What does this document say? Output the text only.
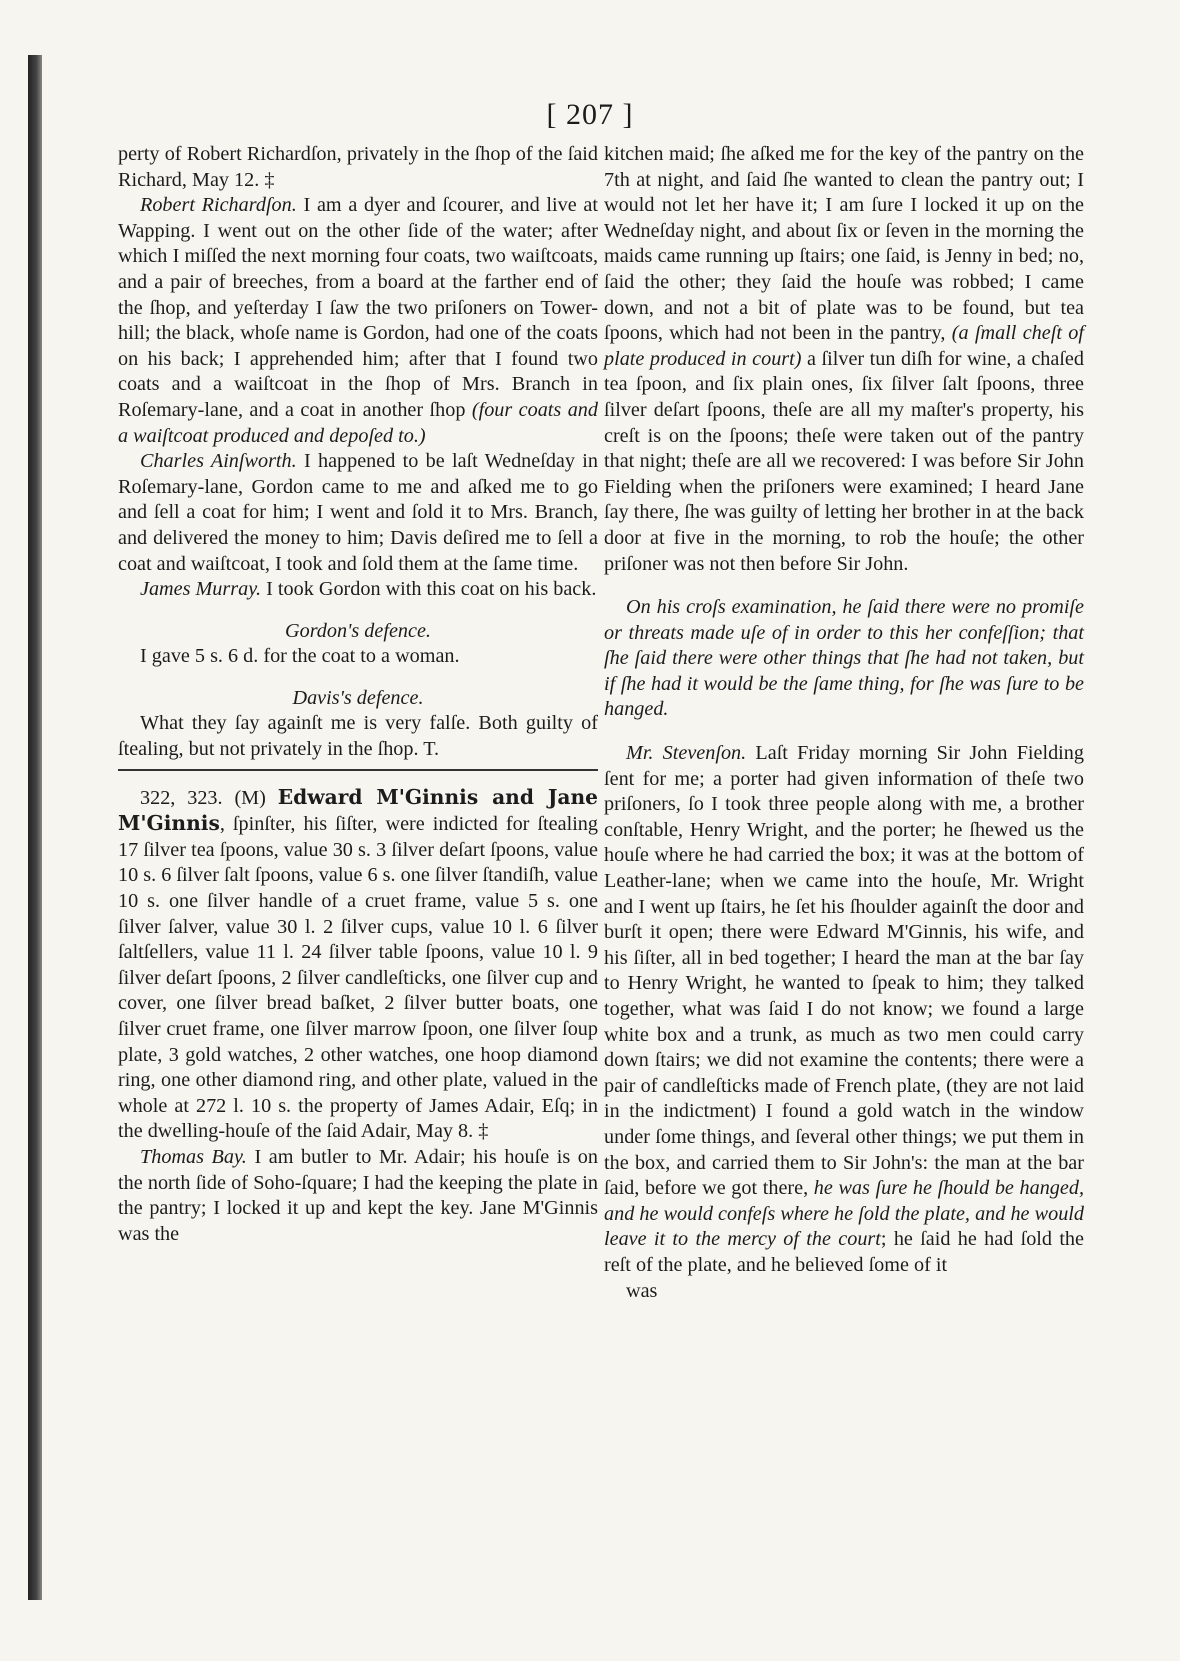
[ 207 ]

perty of Robert Richardſon, privately in the ſhop of the ſaid Richard, May 12. ‡

Robert Richardſon. I am a dyer and ſcourer, and live at Wapping. I went out on the other ſide of the water; after which I miſſed the next morning four coats, two waiſtcoats, and a pair of breeches, from a board at the farther end of the ſhop, and yeſterday I ſaw the two priſoners on Tower-hill; the black, whoſe name is Gordon, had one of the coats on his back; I apprehended him; after that I found two coats and a waiſtcoat in the ſhop of Mrs. Branch in Roſemary-lane, and a coat in another ſhop (four coats and a waiſtcoat produced and depoſed to.)

Charles Ainſworth. I happened to be laſt Wedneſday in Roſemary-lane, Gordon came to me and aſked me to go and ſell a coat for him; I went and ſold it to Mrs. Branch, and delivered the money to him; Davis deſired me to ſell a coat and waiſtcoat, I took and ſold them at the ſame time.

James Murray. I took Gordon with this coat on his back.

Gordon's defence.

I gave 5 s. 6 d. for the coat to a woman.

Davis's defence.

What they ſay againſt me is very falſe. Both guilty of ſtealing, but not privately in the ſhop. T.

322, 323. (M) Edward M'Ginnis and Jane M'Ginnis, ſpinſter, his ſiſter, were indicted for ſtealing 17 ſilver tea ſpoons, value 30 s. 3 ſilver deſart ſpoons, value 10 s. 6 ſilver ſalt ſpoons, value 6 s. one ſilver ſtandiſh, value 10 s. one ſilver handle of a cruet frame, value 5 s. one ſilver ſalver, value 30 l. 2 ſilver cups, value 10 l. 6 ſilver ſaltſellers, value 11 l. 24 ſilver table ſpoons, value 10 l. 9 ſilver deſart ſpoons, 2 ſilver candleſticks, one ſilver cup and cover, one ſilver bread baſket, 2 ſilver butter boats, one ſilver cruet frame, one ſilver marrow ſpoon, one ſilver ſoup plate, 3 gold watches, 2 other watches, one hoop diamond ring, one other diamond ring, and other plate, valued in the whole at 272 l. 10 s. the property of James Adair, Eſq; in the dwelling-houſe of the ſaid Adair, May 8. ‡

Thomas Bay. I am butler to Mr. Adair; his houſe is on the north ſide of Soho-ſquare; I had the keeping the plate in the pantry; I locked it up and kept the key. Jane M'Ginnis was the

kitchen maid; ſhe aſked me for the key of the pantry on the 7th at night, and ſaid ſhe wanted to clean the pantry out; I would not let her have it; I am ſure I locked it up on the Wedneſday night, and about ſix or ſeven in the morning the maids came running up ſtairs; one ſaid, is Jenny in bed; no, ſaid the other; they ſaid the houſe was robbed; I came down, and not a bit of plate was to be found, but tea ſpoons, which had not been in the pantry, (a ſmall cheſt of plate produced in court) a ſilver tun diſh for wine, a chaſed tea ſpoon, and ſix plain ones, ſix ſilver ſalt ſpoons, three ſilver deſart ſpoons, theſe are all my maſter's property, his creſt is on the ſpoons; theſe were taken out of the pantry that night; theſe are all we recovered: I was before Sir John Fielding when the priſoners were examined; I heard Jane ſay there, ſhe was guilty of letting her brother in at the back door at five in the morning, to rob the houſe; the other priſoner was not then before Sir John.

On his croſs examination, he ſaid there were no promiſe or threats made uſe of in order to this her confeſſion; that ſhe ſaid there were other things that ſhe had not taken, but if ſhe had it would be the ſame thing, for ſhe was ſure to be hanged.

Mr. Stevenſon. Laſt Friday morning Sir John Fielding ſent for me; a porter had given information of theſe two priſoners, ſo I took three people along with me, a brother conſtable, Henry Wright, and the porter; he ſhewed us the houſe where he had carried the box; it was at the bottom of Leather-lane; when we came into the houſe, Mr. Wright and I went up ſtairs, he ſet his ſhoulder againſt the door and burſt it open; there were Edward M'Ginnis, his wife, and his ſiſter, all in bed together; I heard the man at the bar ſay to Henry Wright, he wanted to ſpeak to him; they talked together, what was ſaid I do not know; we found a large white box and a trunk, as much as two men could carry down ſtairs; we did not examine the contents; there were a pair of candleſticks made of French plate, (they are not laid in the indictment) I found a gold watch in the window under ſome things, and ſeveral other things; we put them in the box, and carried them to Sir John's: the man at the bar ſaid, before we got there, he was ſure he ſhould be hanged, and he would confeſs where he ſold the plate, and he would leave it to the mercy of the court; he ſaid he had ſold the reſt of the plate, and he believed ſome of it

was
